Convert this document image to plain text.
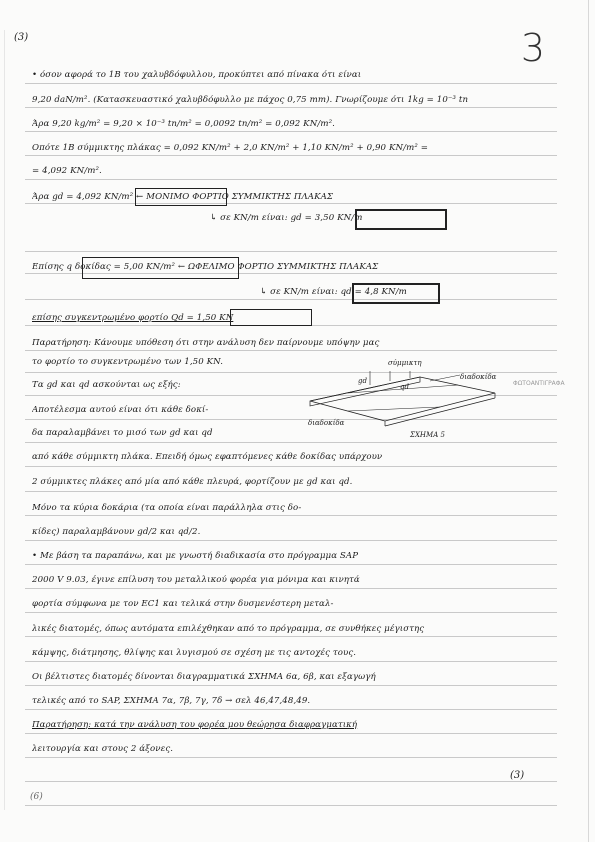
(3)	3
• όσον αφορά το 1Β του χαλυβδόφυλλου, προκύπτει από πίνακα ότι είναι
9,20 daN/m². (Κατασκευαστικό χαλυβδόφυλλο με πάχος 0,75 mm). Γνωρίζουμε ότι 1kg = 10⁻³ tn
Άρα 9,20 kg/m² = 9,20 × 10⁻³ tn/m² = 0,0092 tn/m² = 0,092 KN/m².
Οπότε 1Β σύμμικτης πλάκας = 0,092 KN/m² + 2,0 KN/m² + 1,10 KN/m² + 0,90 KN/m² =
= 4,092 KN/m².
Άρα gd = 4,092 KN/m² ← ΜΟΝΙΜΟ ΦΟΡΤΙΟ ΣΥΜΜΙΚΤΗΣ ΠΛΑΚΑΣ
↳ σε KN/m είναι: gd = 3,50 KN/m
Επίσης q δοκίδας = 5,00 KN/m² ← ΩΦΕΛΙΜΟ ΦΟΡΤΙΟ ΣΥΜΜΙΚΤΗΣ ΠΛΑΚΑΣ
↳ σε KN/m είναι: qd = 4,8 KN/m
επίσης συγκεντρωμένο φορτίο Qd = 1,50 KN
Παρατήρηση: Κάνουμε υπόθεση ότι στην ανάλυση δεν παίρνουμε υπόψην μας
το φορτίο το συγκεντρωμένο των 1,50 KN.
Τα gd και qd ασκούνται ως εξής:
Αποτέλεσμα αυτού είναι ότι κάθε δοκί-
δα παραλαμβάνει το μισό των gd και qd
από κάθε σύμμικτη πλάκα. Επειδή όμως εφαπτόμενες κάθε δοκίδας υπάρχουν
2 σύμμικτες πλάκες από μία από κάθε πλευρά, φορτίζουν με gd και qd.
Μόνο τα κύρια δοκάρια (τα οποία είναι παράλληλα στις δο-
κίδες) παραλαμβάνουν gd/2 και qd/2.
• Με βάση τα παραπάνω, και με γνωστή διαδικασία στο πρόγραμμα SAP
2000 V 9.03, έγινε επίλυση του μεταλλικού φορέα για μόνιμα και κινητά
φορτία σύμφωνα με τον ΕC1 και τελικά στην δυσμενέστερη μεταλ-
λικές διατομές, όπως αυτόματα επιλέχθηκαν από το πρόγραμμα, σε συνθήκες μέγιστης
κάμψης, διάτμησης, θλίψης και λυγισμού σε σχέση με τις αντοχές τους.
Οι βέλτιστες διατομές δίνονται διαγραμματικά ΣΧΗΜΑ 6α, 6β, και εξαγωγή
τελικές από το SAP, ΣΧΗΜΑ 7α, 7β, 7γ, 7δ → σελ 46,47,48,49.
Παρατήρηση: κατά την ανάλυση του φορέα μου θεώρησα διαφραγματική
λειτουργία και στους 2 άξονες.
σύμμικτη
διαδοκίδα
διαδοκίδα
ΣΧΗΜΑ 5
gd
qd	ΦΩΤΟΑΝΤΙΓΡΑΦΑ
(3)
(6)
